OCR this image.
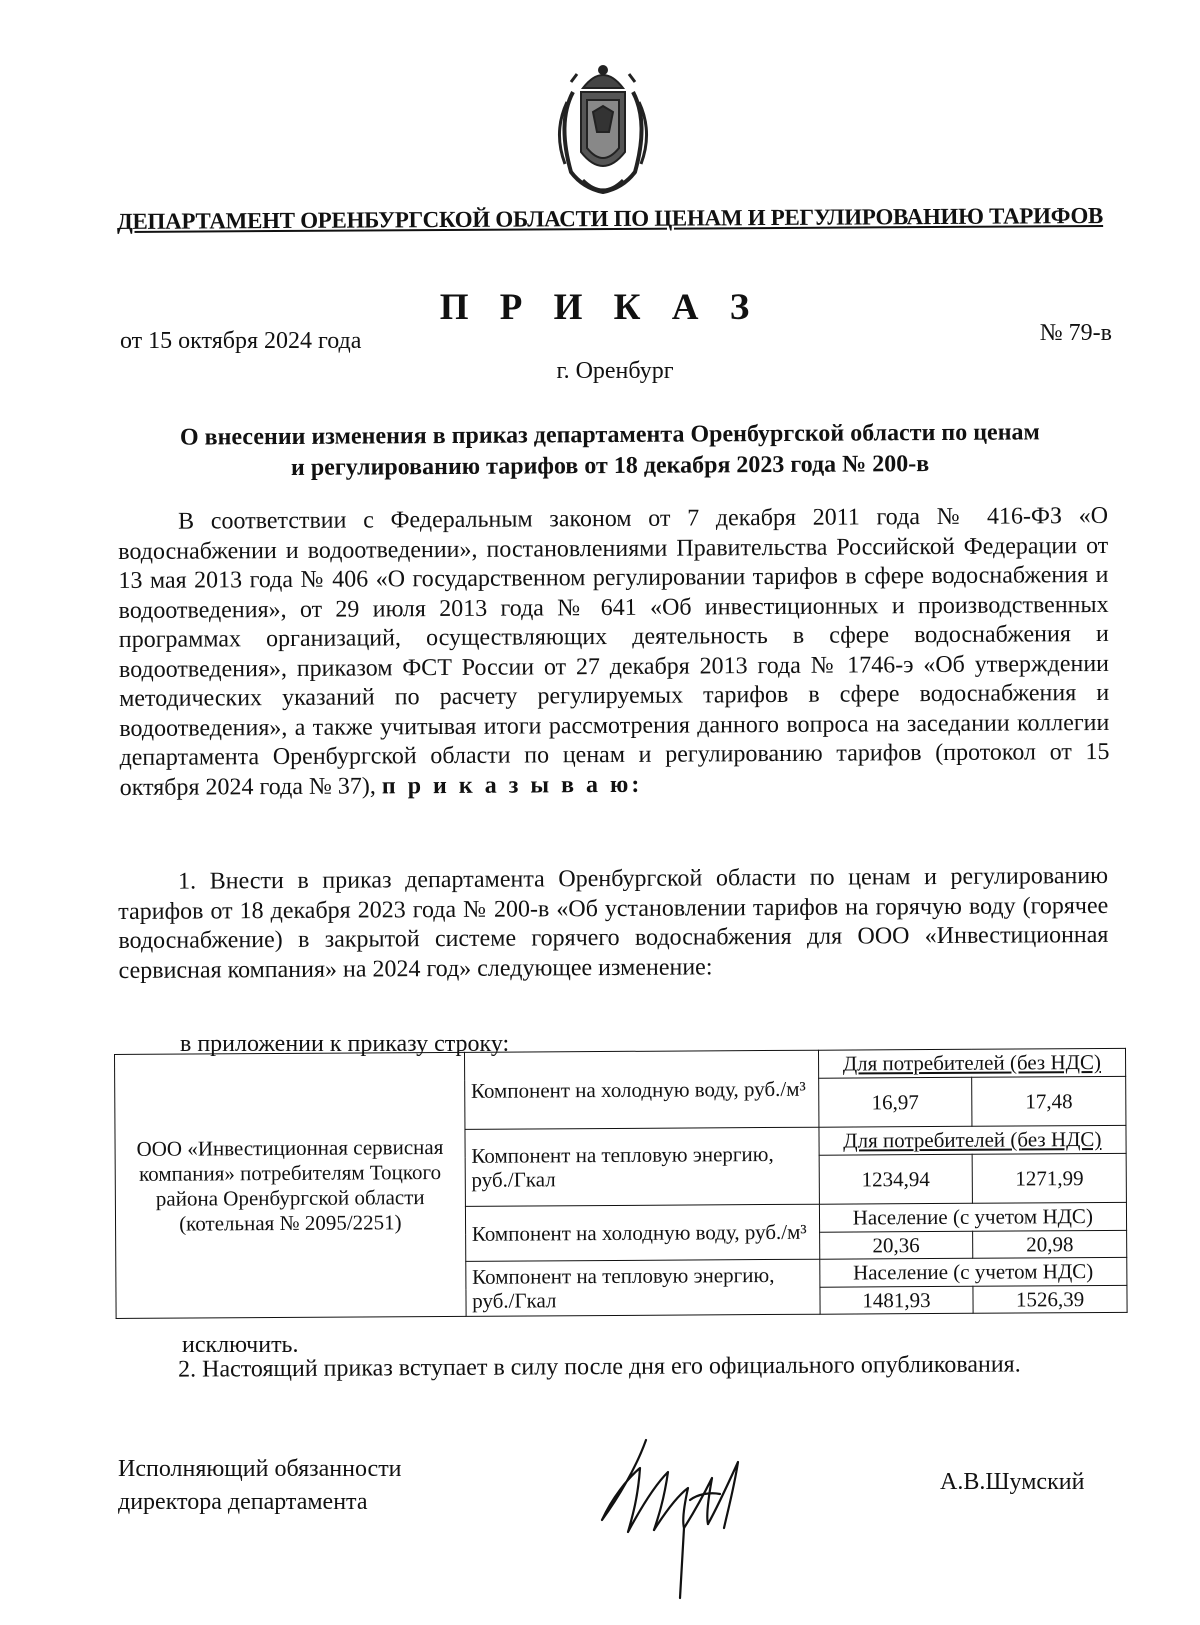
ДЕПАРТАМЕНТ ОРЕНБУРГСКОЙ ОБЛАСТИ ПО ЦЕНАМ И РЕГУЛИРОВАНИЮ ТАРИФОВ
П Р И К А З
от 15 октября 2024 года	№ 79-в
г. Оренбург
О внесении изменения в приказ департамента Оренбургской области по ценам
и регулированию тарифов от 18 декабря 2023 года № 200-в
В соответствии с Федеральным законом от 7 декабря 2011 года № 416-ФЗ «О водоснабжении и водоотведении», постановлениями Правительства Российской Федерации от 13 мая 2013 года № 406 «О государственном регулировании тарифов в сфере водоснабжения и водоотведения», от 29 июля 2013 года № 641 «Об инвестиционных и производственных программах организаций, осуществляющих деятельность в сфере водоснабжения и водоотведения», приказом ФСТ России от 27 декабря 2013 года № 1746-э «Об утверждении методических указаний по расчету регулируемых тарифов в сфере водоснабжения и водоотведения», а также учитывая итоги рассмотрения данного вопроса на заседании коллегии департамента Оренбургской области по ценам и регулированию тарифов (протокол от 15 октября 2024 года № 37), п р и к а з ы в а ю:
1. Внести в приказ департамента Оренбургской области по ценам и регулированию тарифов от 18 декабря 2023 года № 200-в «Об установлении тарифов на горячую воду (горячее водоснабжение) в закрытой системе горячего водоснабжения для ООО «Инвестиционная сервисная компания» на 2024 год» следующее изменение:
в приложении к приказу строку:
ООО «Инвестиционная сервисная компания» потребителям Тоцкого района Оренбургской области (котельная № 2095/2251)	Компонент на холодную воду, руб./м³	Для потребителей (без НДС)	
		16,97	17,48
	Компонент на тепловую энергию, руб./Гкал	Для потребителей (без НДС)	
		1234,94	1271,99
	Компонент на холодную воду, руб./м³	Население (с учетом НДС)	
		20,36	20,98
	Компонент на тепловую энергию, руб./Гкал	Население (с учетом НДС)	
		1481,93	1526,39
исключить.
2. Настоящий приказ вступает в силу после дня его официального опубликования.
Исполняющий обязанности
директора департамента
А.В.Шумский
